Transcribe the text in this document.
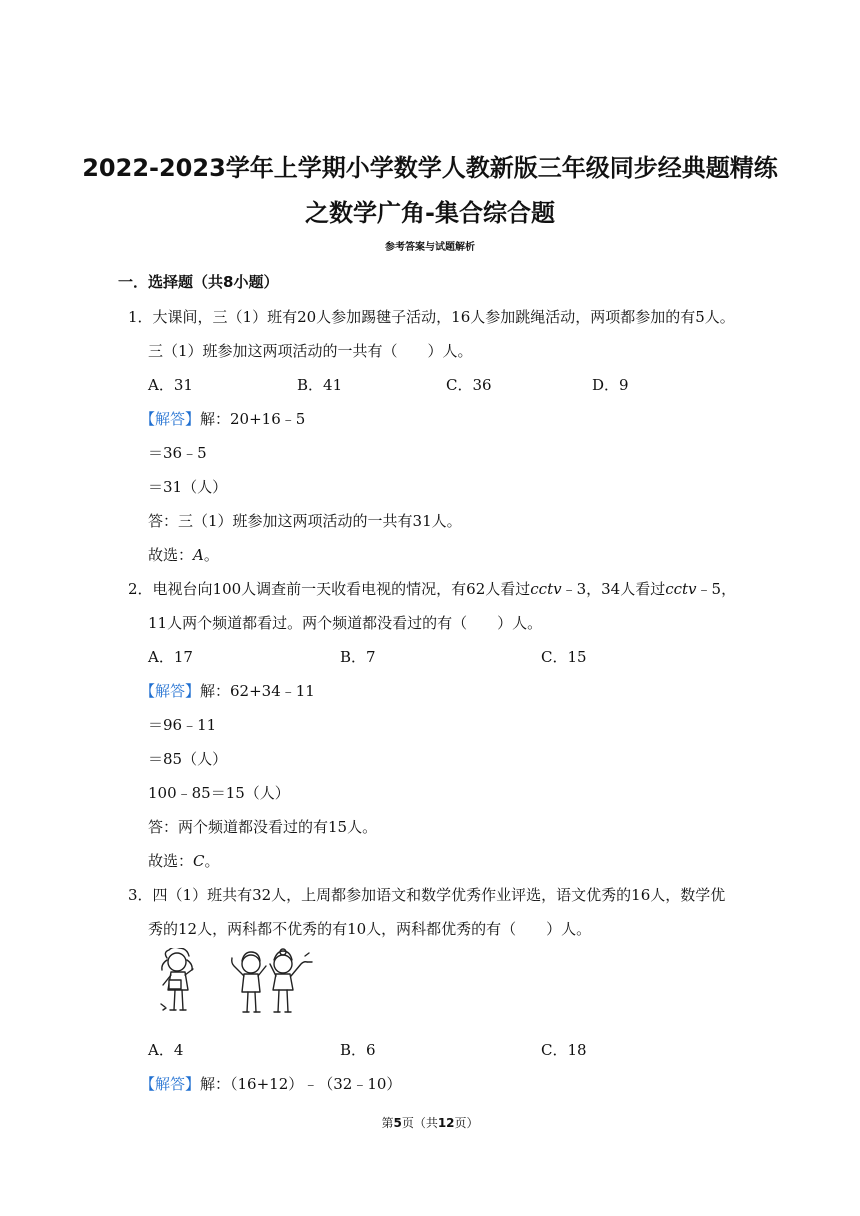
2022-2023学年上学期小学数学人教新版三年级同步经典题精练
之数学广角-集合综合题
参考答案与试题解析
一．选择题（共8小题）
1．大课间，三（1）班有20人参加踢毽子活动，16人参加跳绳活动，两项都参加的有5人。
三（1）班参加这两项活动的一共有（　　）人。
A．31	B．41	C．36	D．9
【解答】解：20+16﹣5
＝36﹣5
＝31（人）
答：三（1）班参加这两项活动的一共有31人。
故选：A。
2．电视台向100人调查前一天收看电视的情况，有62人看过cctv﹣3，34人看过cctv﹣5，
11人两个频道都看过。两个频道都没看过的有（　　）人。
A．17	B．7	C．15
【解答】解：62+34﹣11
＝96﹣11
＝85（人）
100﹣85＝15（人）
答：两个频道都没看过的有15人。
故选：C。
3．四（1）班共有32人，上周都参加语文和数学优秀作业评选，语文优秀的16人，数学优
秀的12人，两科都不优秀的有10人，两科都优秀的有（　　）人。
A．4	B．6	C．18
【解答】解：（16+12）﹣（32﹣10）
第5页（共12页）
